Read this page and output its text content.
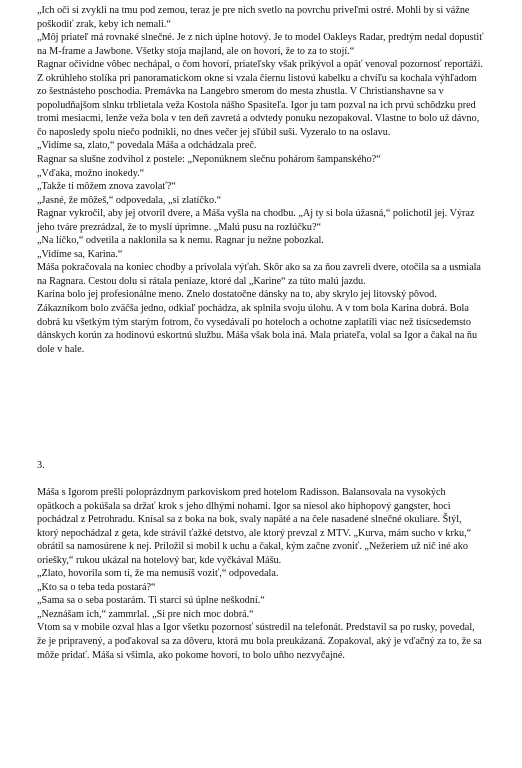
„Ich oči si zvykli na tmu pod zemou, teraz je pre nich svetlo na povrchu priveľmi ostré. Mohli by si vážne poškodiť zrak, keby ich nemali.“

„Môj priateľ má rovnaké slnečné. Je z nich úplne hotový. Je to model Oakleys Radar, predtým nedal dopustiť na M-frame a Jawbone. Všetky stoja majland, ale on hovorí, že to za to stojí.“

Ragnar očividne vôbec nechápal, o čom hovorí, priateľsky však prikývol a opäť venoval pozornosť reportáži.

Z okrúhleho stolíka pri panoramatickom okne si vzala čiernu listovú kabelku a chvíľu sa kochala výhľadom zo šestnásteho poschodia. Premávka na Langebro smerom do mesta zhustla. V Christianshavne sa v popoludňajšom slnku trblietala veža Kostola nášho Spasiteľa. Igor ju tam pozval na ich prvú schôdzku pred tromi mesiacmi, lenže veža bola v ten deň zavretá a odvtedy ponuku nezopakoval. Vlastne to bolo už dávno, čo naposledy spolu niečo podnikli, no dnes večer jej sľúbil suši. Vyzeralo to na oslavu.

„Vidíme sa, zlato,“ povedala Máša a odchádzala preč.

Ragnar sa slušne zodvihol z postele: „Neponúknem slečnu pohárom šampanského?“

„Vďaka, možno inokedy.“

„Takže ti môžem znova zavolať?“

„Jasné, že môžeš,“ odpovedala, „si zlatíčko.“

Ragnar vykročil, aby jej otvoril dvere, a Máša vyšla na chodbu. „Aj ty si bola úžasná,“ polichotil jej. Výraz jeho tváre prezrádzal, že to myslí úprimne. „Malú pusu na rozlúčku?“

„Na líčko,“ odvetila a naklonila sa k nemu. Ragnar ju nežne pobozkal.

„Vidíme sa, Karina.“

Máša pokračovala na koniec chodby a privolala výťah. Skôr ako sa za ňou zavreli dvere, otočila sa a usmiala na Ragnara. Cestou dolu si rátala peniaze, ktoré dal „Karine“ za túto malú jazdu.

Karina bolo jej profesionálne meno. Znelo dostatočne dánsky na to, aby skrylo jej litovský pôvod. Zákazníkom bolo zväčša jedno, odkiaľ pochádza, ak splnila svoju úlohu. A v tom bola Karina dobrá. Bola dobrá ku všetkým tým starým fotrom, čo vysedávali po hoteloch a ochotne zaplatili viac než tisícsedemsto dánskych korún za hodinovú eskortnú službu. Máša však bola iná. Mala priateľa, volal sa Igor a čakal na ňu dole v hale.

3.

Máša s Igorom prešli poloprázdnym parkoviskom pred hotelom Radisson. Balansovala na vysokých opätkoch a pokúšala sa držať krok s jeho dlhými nohami. Igor sa niesol ako hiphopový gangster, hoci pochádzal z Petrohradu. Knísal sa z boka na bok, svaly napäté a na čele nasadené slnečné okuliare. Štýl, ktorý nepochádzal z geta, kde strávil ťažké detstvo, ale ktorý prevzal z MTV. „Kurva, mám sucho v krku,“ obrátil sa namosúrene k nej. Priložil si mobil k uchu a čakal, kým začne zvoniť. „Nežeriem už nič iné ako oriešky,“ rukou ukázal na hotelový bar, kde vyčkával Mášu.

„Zlato, hovorila som ti, že ma nemusíš voziť,“ odpovedala.

„Kto sa o teba teda postará?“

„Sama sa o seba postarám. Ti starci sú úplne neškodní.“

„Neznášam ich,“ zammrlal. „Si pre nich moc dobrá.“

Vtom sa v mobile ozval hlas a Igor všetku pozornosť sústredil na telefonát. Predstavil sa po rusky, povedal, že je pripravený, a poďakoval sa za dôveru, ktorá mu bola preukázaná. Zopakoval, aký je vďačný za to, že sa môže pridať. Máša si všimla, ako pokome hovorí, to bolo uňho nezvyčajné.
